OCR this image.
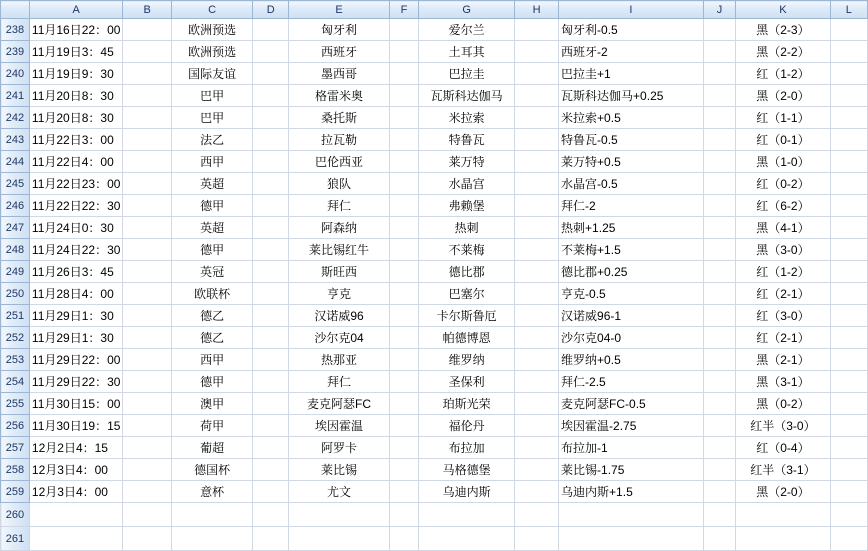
	A	B	C	D	E	F	G	H	I	J	K	L
238	11月16日22：00		欧洲预选		匈牙利		爱尔兰		匈牙利-0.5		黑（2-3）	
239	11月19日3：45		欧洲预选		西班牙		土耳其		西班牙-2		黑（2-2）	
240	11月19日9：30		国际友谊		墨西哥		巴拉圭		巴拉圭+1		红（1-2）	
241	11月20日8：30		巴甲		格雷米奥		瓦斯科达伽马		瓦斯科达伽马+0.25		黑（2-0）	
242	11月20日8：30		巴甲		桑托斯		米拉索		米拉索+0.5		红（1-1）	
243	11月22日3：00		法乙		拉瓦勒		特鲁瓦		特鲁瓦-0.5		红（0-1）	
244	11月22日4：00		西甲		巴伦西亚		莱万特		莱万特+0.5		黑（1-0）	
245	11月22日23：00		英超		狼队		水晶宫		水晶宫-0.5		红（0-2）	
246	11月22日22：30		德甲		拜仁		弗赖堡		拜仁-2		红（6-2）	
247	11月24日0：30		英超		阿森纳		热刺		热刺+1.25		黑（4-1）	
248	11月24日22：30		德甲		莱比锡红牛		不莱梅		不莱梅+1.5		黑（3-0）	
249	11月26日3：45		英冠		斯旺西		德比郡		德比郡+0.25		红（1-2）	
250	11月28日4：00		欧联杯		亨克		巴塞尔		亨克-0.5		红（2-1）	
251	11月29日1：30		德乙		汉诺威96		卡尔斯鲁厄		汉诺威96-1		红（3-0）	
252	11月29日1：30		德乙		沙尔克04		帕德博恩		沙尔克04-0		红（2-1）	
253	11月29日22：00		西甲		热那亚		维罗纳		维罗纳+0.5		黑（2-1）	
254	11月29日22：30		德甲		拜仁		圣保利		拜仁-2.5		黑（3-1）	
255	11月30日15：00		澳甲		麦克阿瑟FC		珀斯光荣		麦克阿瑟FC-0.5		黑（0-2）	
256	11月30日19：15		荷甲		埃因霍温		福伦丹		埃因霍温-2.75		红半（3-0）	
257	12月2日4：15		葡超		阿罗卡		布拉加		布拉加-1		红（0-4）	
258	12月3日4：00		德国杯		莱比锡		马格德堡		莱比锡-1.75		红半（3-1）	
259	12月3日4：00		意杯		尤文		乌迪内斯		乌迪内斯+1.5		黑（2-0）	
260												
261												
